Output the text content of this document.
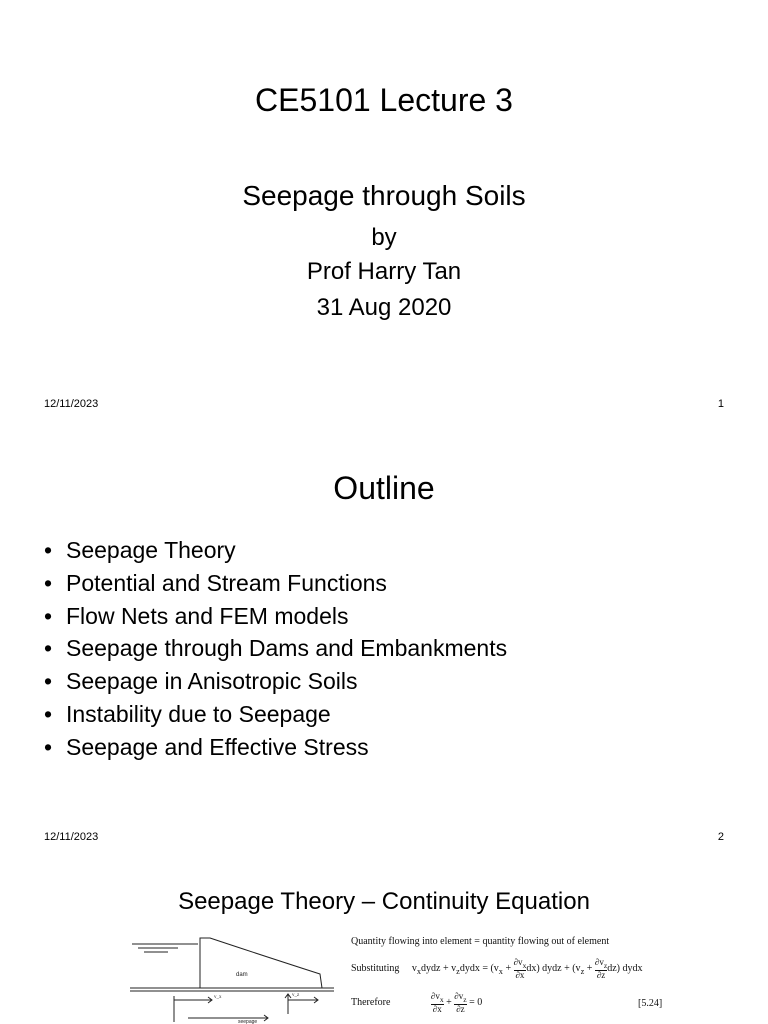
CE5101 Lecture 3
Seepage through Soils
by
Prof Harry Tan
31 Aug 2020
12/11/2023	1
Outline
• Seepage Theory
• Potential and Stream Functions
• Flow Nets and FEM models
• Seepage through Dams and Embankments
• Seepage in Anisotropic Soils
• Instability due to Seepage
• Seepage and Effective Stress
12/11/2023	2
Seepage Theory – Continuity Equation
dam
seepage
v_x	v_z
Quantity flowing into element = quantity flowing out of element
Substituting $v_xdydz$ + $v_zdydx = (v_x + \frac{\partial v_x}{\partial x} dx)$ dydz + $(v_z + \frac{\partial v_z}{\partial z} dz)$ dydx
Therefore	$\frac{\partial v_x}{\partial x} + \frac{\partial v_z}{\partial z} = 0$	[5.24]
